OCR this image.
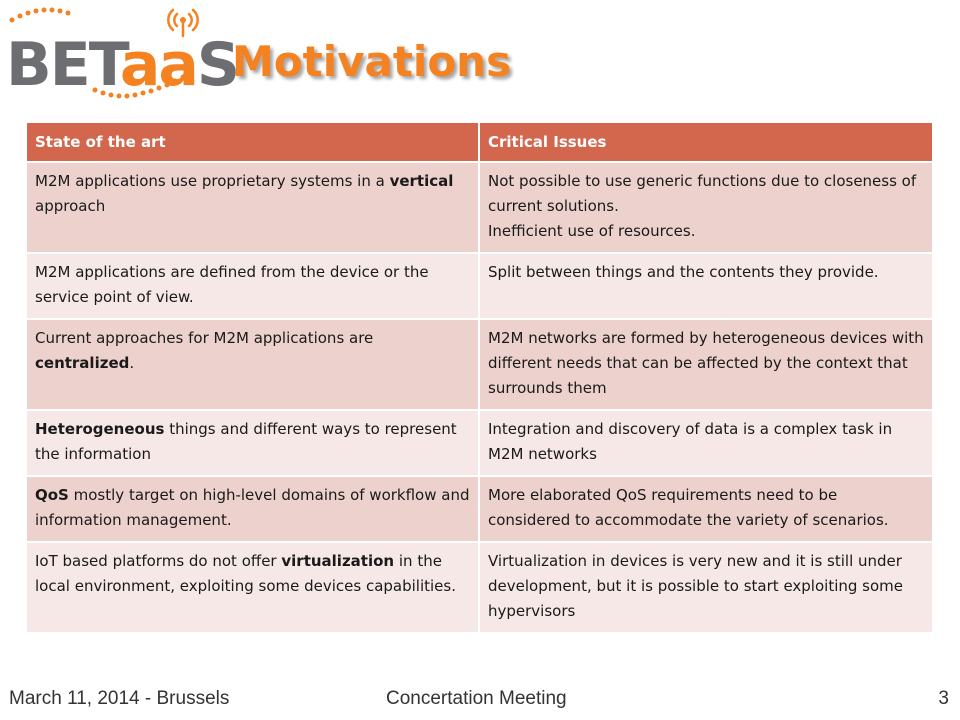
BETaaS
Motivations
State of the art	Critical Issues
M2M applications use proprietary systems in a vertical approach	Not possible to use generic functions due to closeness of current solutions.
Inefficient use of resources.
M2M applications are defined from the device or the service point of view.	Split between things and the contents they provide.
Current approaches for M2M applications are centralized.	M2M networks are formed by heterogeneous devices with different needs that can be affected by the context that surrounds them
Heterogeneous things and different ways to represent the information	Integration and discovery of data is a complex task in M2M networks
QoS mostly target on high-level domains of workflow and information management.	More elaborated QoS requirements need to be considered to accommodate the variety of scenarios.
IoT based platforms do not offer virtualization in the local environment, exploiting some devices capabilities.	Virtualization in devices is very new and it is still under development, but it is possible to start exploiting some hypervisors
March 11, 2014 - Brussels	Concertation Meeting	3
